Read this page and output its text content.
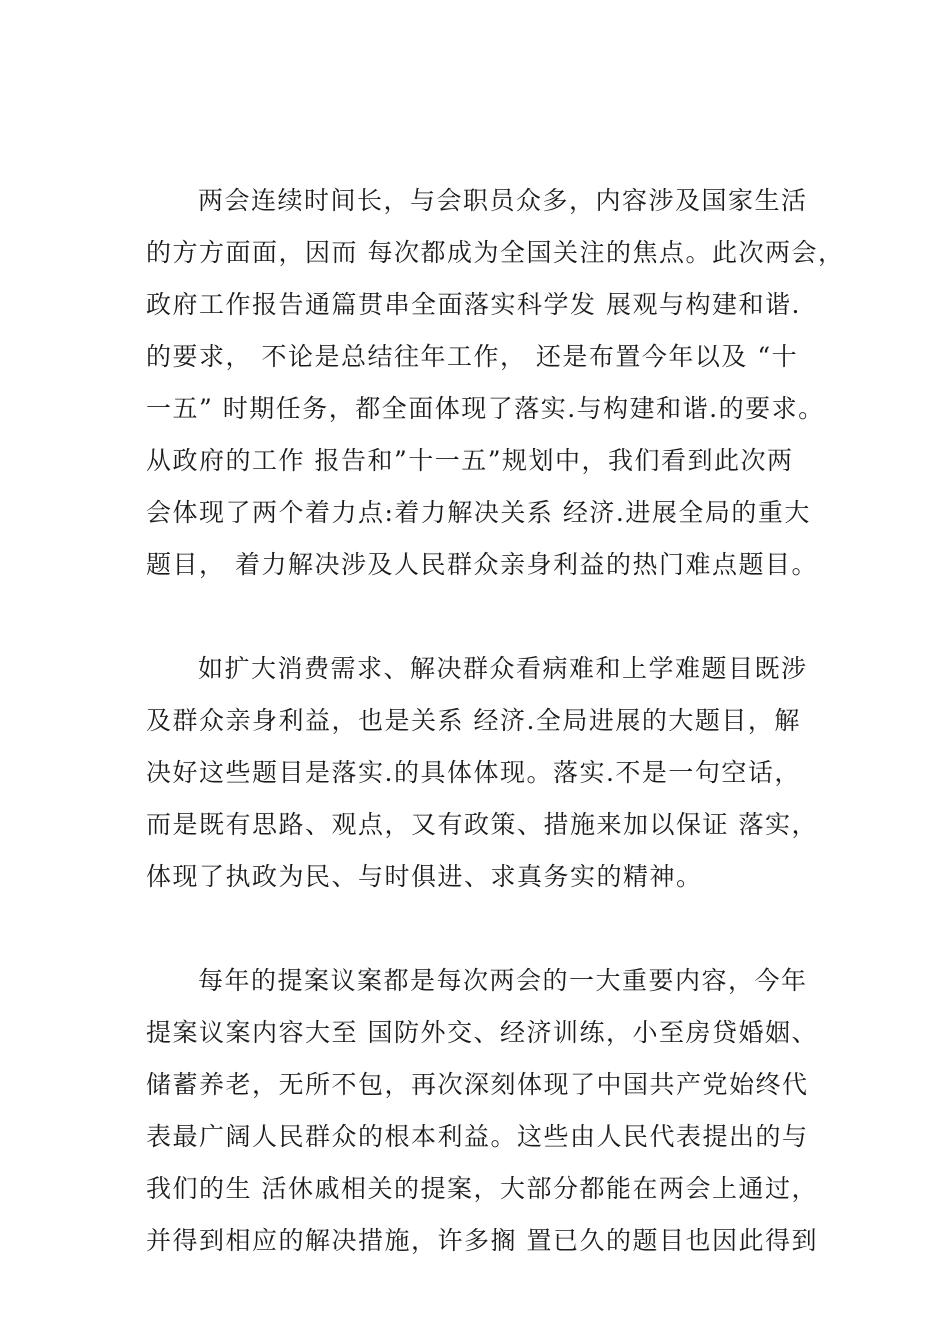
两会连续时间长，与会职员众多，内容涉及国家生活
的方方面面，因而 每次都成为全国关注的焦点。此次两会，
政府工作报告通篇贯串全面落实科学发 展观与构建和谐.
的要求， 不论是总结往年工作， 还是布置今年以及 “十
一五” 时期任务，都全面体现了落实.与构建和谐.的要求。
从政府的工作 报告和”十一五”规划中，我们看到此次两
会体现了两个着力点:着力解决关系 经济.进展全局的重大
题目， 着力解决涉及人民群众亲身利益的热门难点题目。
如扩大消费需求、解决群众看病难和上学难题目既涉
及群众亲身利益，也是关系 经济.全局进展的大题目，解
决好这些题目是落实.的具体体现。落实.不是一句空话，
而是既有思路、观点，又有政策、措施来加以保证 落实，
体现了执政为民、与时俱进、求真务实的精神。
每年的提案议案都是每次两会的一大重要内容，今年
提案议案内容大至 国防外交、经济训练，小至房贷婚姻、
储蓄养老，无所不包，再次深刻体现了中国共产党始终代
表最广阔人民群众的根本利益。这些由人民代表提出的与
我们的生 活休戚相关的提案，大部分都能在两会上通过，
并得到相应的解决措施，许多搁 置已久的题目也因此得到
